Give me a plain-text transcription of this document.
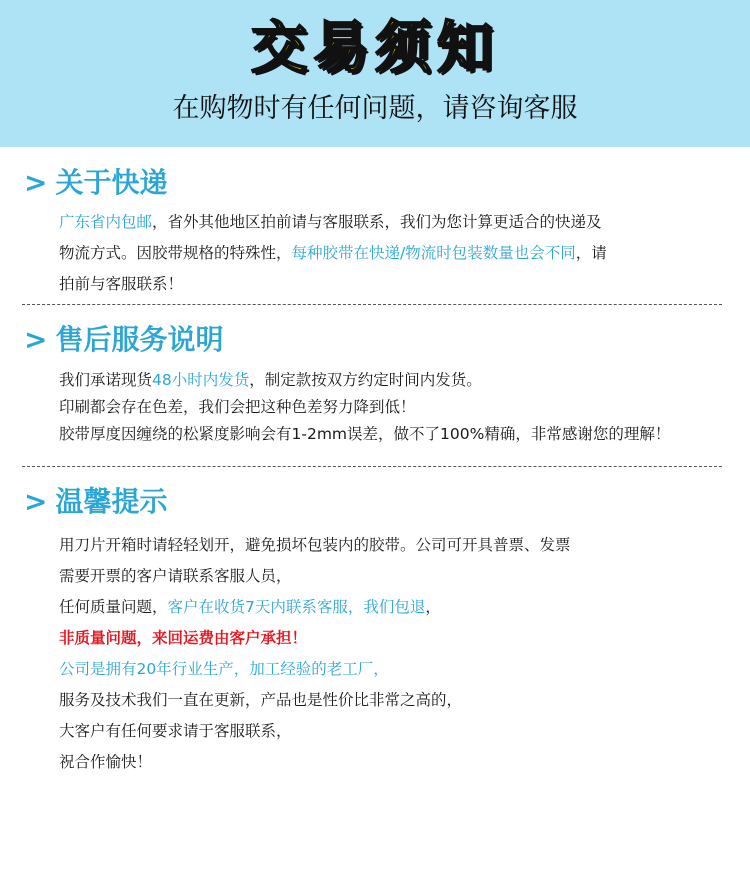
交易须知
在购物时有任何问题，请咨询客服
> 关于快递
广东省内包邮，省外其他地区拍前请与客服联系，我们为您计算更适合的快递及
物流方式。因胶带规格的特殊性，每种胶带在快递/物流时包装数量也会不同，请
拍前与客服联系！
> 售后服务说明
我们承诺现货48小时内发货，制定款按双方约定时间内发货。
印刷都会存在色差，我们会把这种色差努力降到低！
胶带厚度因缠绕的松紧度影响会有1-2mm误差，做不了100%精确，非常感谢您的理解！
> 温馨提示
用刀片开箱时请轻轻划开，避免损坏包装内的胶带。公司可开具普票、发票
需要开票的客户请联系客服人员，
任何质量问题，客户在收货7天内联系客服，我们包退，
非质量问题，来回运费由客户承担！
公司是拥有20年行业生产，加工经验的老工厂，
服务及技术我们一直在更新，产品也是性价比非常之高的，
大客户有任何要求请于客服联系，
祝合作愉快！
